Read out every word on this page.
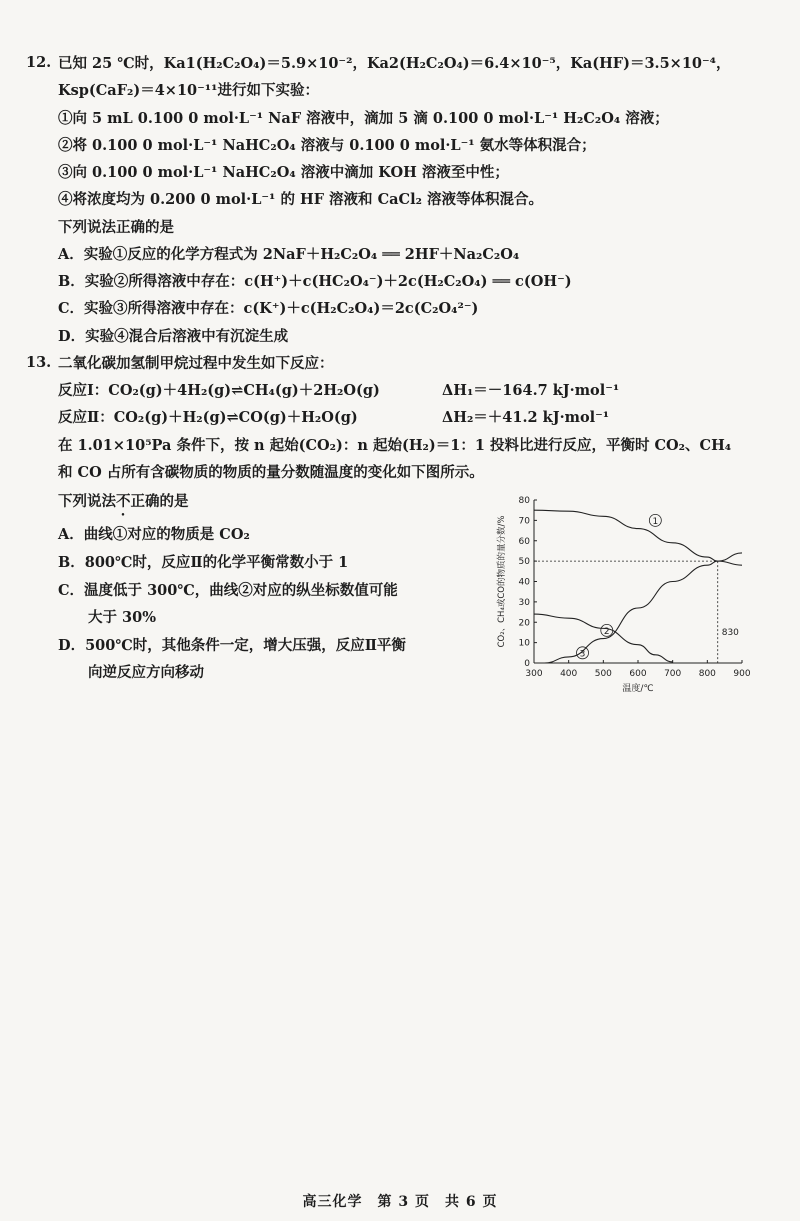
12. 已知 25 ℃时，Ka1(H₂C₂O₄)＝5.9×10⁻²，Ka2(H₂C₂O₄)＝6.4×10⁻⁵，Ka(HF)＝3.5×10⁻⁴，
Ksp(CaF₂)＝4×10⁻¹¹进行如下实验：
①向 5 mL 0.100 0 mol·L⁻¹ NaF 溶液中，滴加 5 滴 0.100 0 mol·L⁻¹ H₂C₂O₄ 溶液；
②将 0.100 0 mol·L⁻¹ NaHC₂O₄ 溶液与 0.100 0 mol·L⁻¹ 氨水等体积混合；
③向 0.100 0 mol·L⁻¹ NaHC₂O₄ 溶液中滴加 KOH 溶液至中性；
④将浓度均为 0.200 0 mol·L⁻¹ 的 HF 溶液和 CaCl₂ 溶液等体积混合。
下列说法正确的是
A．实验①反应的化学方程式为 2NaF＋H₂C₂O₄ ══ 2HF＋Na₂C₂O₄
B．实验②所得溶液中存在：c(H⁺)＋c(HC₂O₄⁻)＋2c(H₂C₂O₄) ══ c(OH⁻)
C．实验③所得溶液中存在：c(K⁺)＋c(H₂C₂O₄)＝2c(C₂O₄²⁻)
D．实验④混合后溶液中有沉淀生成
13. 二氧化碳加氢制甲烷过程中发生如下反应：
反应Ⅰ：CO₂(g)＋4H₂(g)⇌CH₄(g)＋2H₂O(g)	ΔH₁＝－164.7 kJ·mol⁻¹
反应Ⅱ：CO₂(g)＋H₂(g)⇌CO(g)＋H₂O(g)	ΔH₂＝＋41.2 kJ·mol⁻¹
在 1.01×10⁵Pa 条件下，按 n 起始(CO₂)：n 起始(H₂)＝1：1 投料比进行反应，平衡时 CO₂、CH₄
和 CO 占所有含碳物质的物质的量分数随温度的变化如下图所示。
下列说法不正确的是
A．曲线①对应的物质是 CO₂
B．800℃时，反应Ⅱ的化学平衡常数小于 1
C．温度低于 300℃，曲线②对应的纵坐标数值可能
大于 30%
D．500℃时，其他条件一定，增大压强，反应Ⅱ平衡
向逆反应方向移动	300 400 500 600 700 800 900
0
10
20
30
40
50
60
70
80
温度/℃
CO₂、CH₄或CO的物质的量分数/%	830
1
2
3
高三化学　第 3 页　共 6 页
